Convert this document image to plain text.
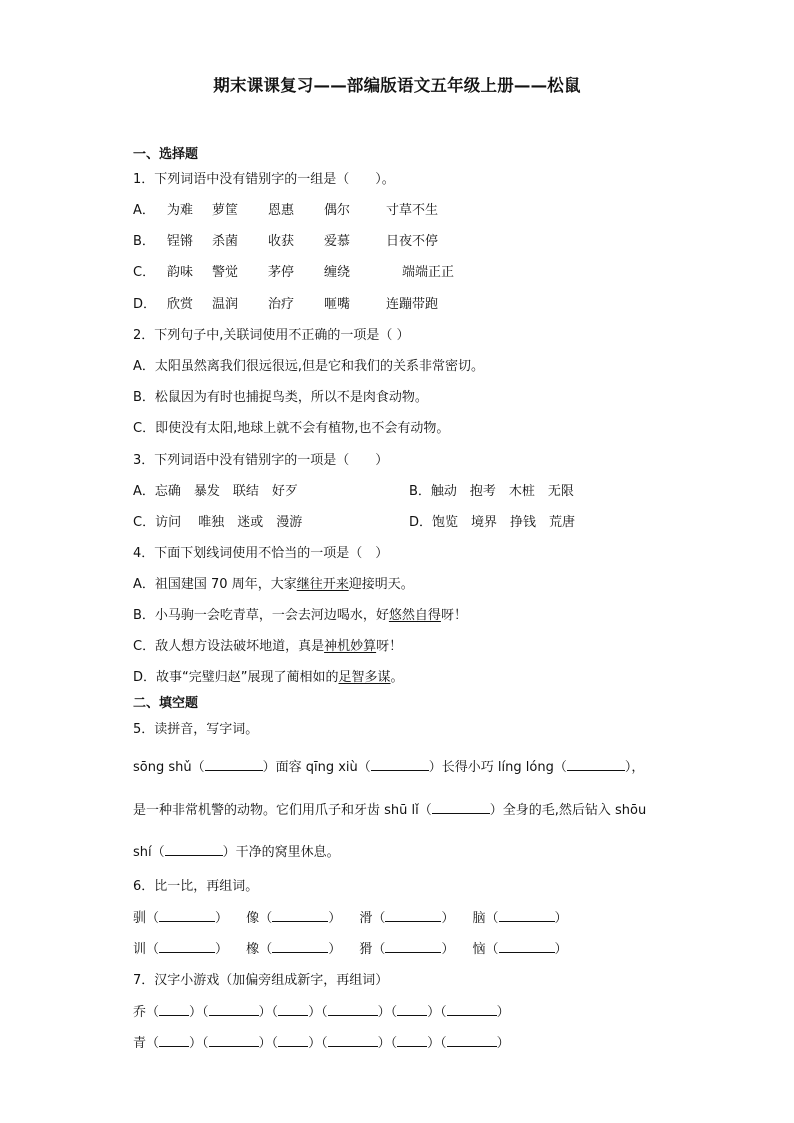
期末课课复习——部编版语文五年级上册——松鼠
一、选择题
1．下列词语中没有错别字的一组是（　　）。
A． 为难 萝筐 恩惠 偶尔	寸草不生
B． 锃锵 杀菌 收获 爱慕	日夜不停
C． 韵味 警觉 茅停 缠绕	端端正正
D． 欣赏 温润 治疗 咂嘴	连蹦带跑
2．下列句子中,关联词使用不正确的一项是（ ）
A．太阳虽然离我们很远很远,但是它和我们的关系非常密切。
B．松鼠因为有时也捕捉鸟类，所以不是肉食动物。
C．即使没有太阳,地球上就不会有植物,也不会有动物。
3．下列词语中没有错别字的一项是（　　）
A．忘确　暴发　联结　好歹	B．触动　抱考　木桩　无限
C．访问　 唯独　迷或　漫游	D．饱览　境界　挣钱　荒唐
4．下面下划线词使用不恰当的一项是（　）
A．祖国建国 70 周年，大家继往开来迎接明天。
B．小马驹一会吃青草，一会去河边喝水，好悠然自得呀！
C．敌人想方设法破坏地道，真是神机妙算呀！
D．故事“完璧归赵”展现了蔺相如的足智多谋。
二、填空题
5．读拼音，写字词。
sōng shǔ（	）面容 qīng xiù（	）长得小巧 líng lóng（	），
是一种非常机警的动物。它们用爪子和牙齿 shū lǐ（	）全身的毛,然后钻入 shōu
shí（	）干净的窝里休息。
6．比一比，再组词。
驯（	） 像（	） 滑（	） 脑（	）
训（	） 橡（	） 猾（	） 恼（	）
7．汉字小游戏（加偏旁组成新字，再组词）
乔（ ）（	）（ ）（	）（ ）（	）
青（ ）（	）（ ）（	）（ ）（	）
